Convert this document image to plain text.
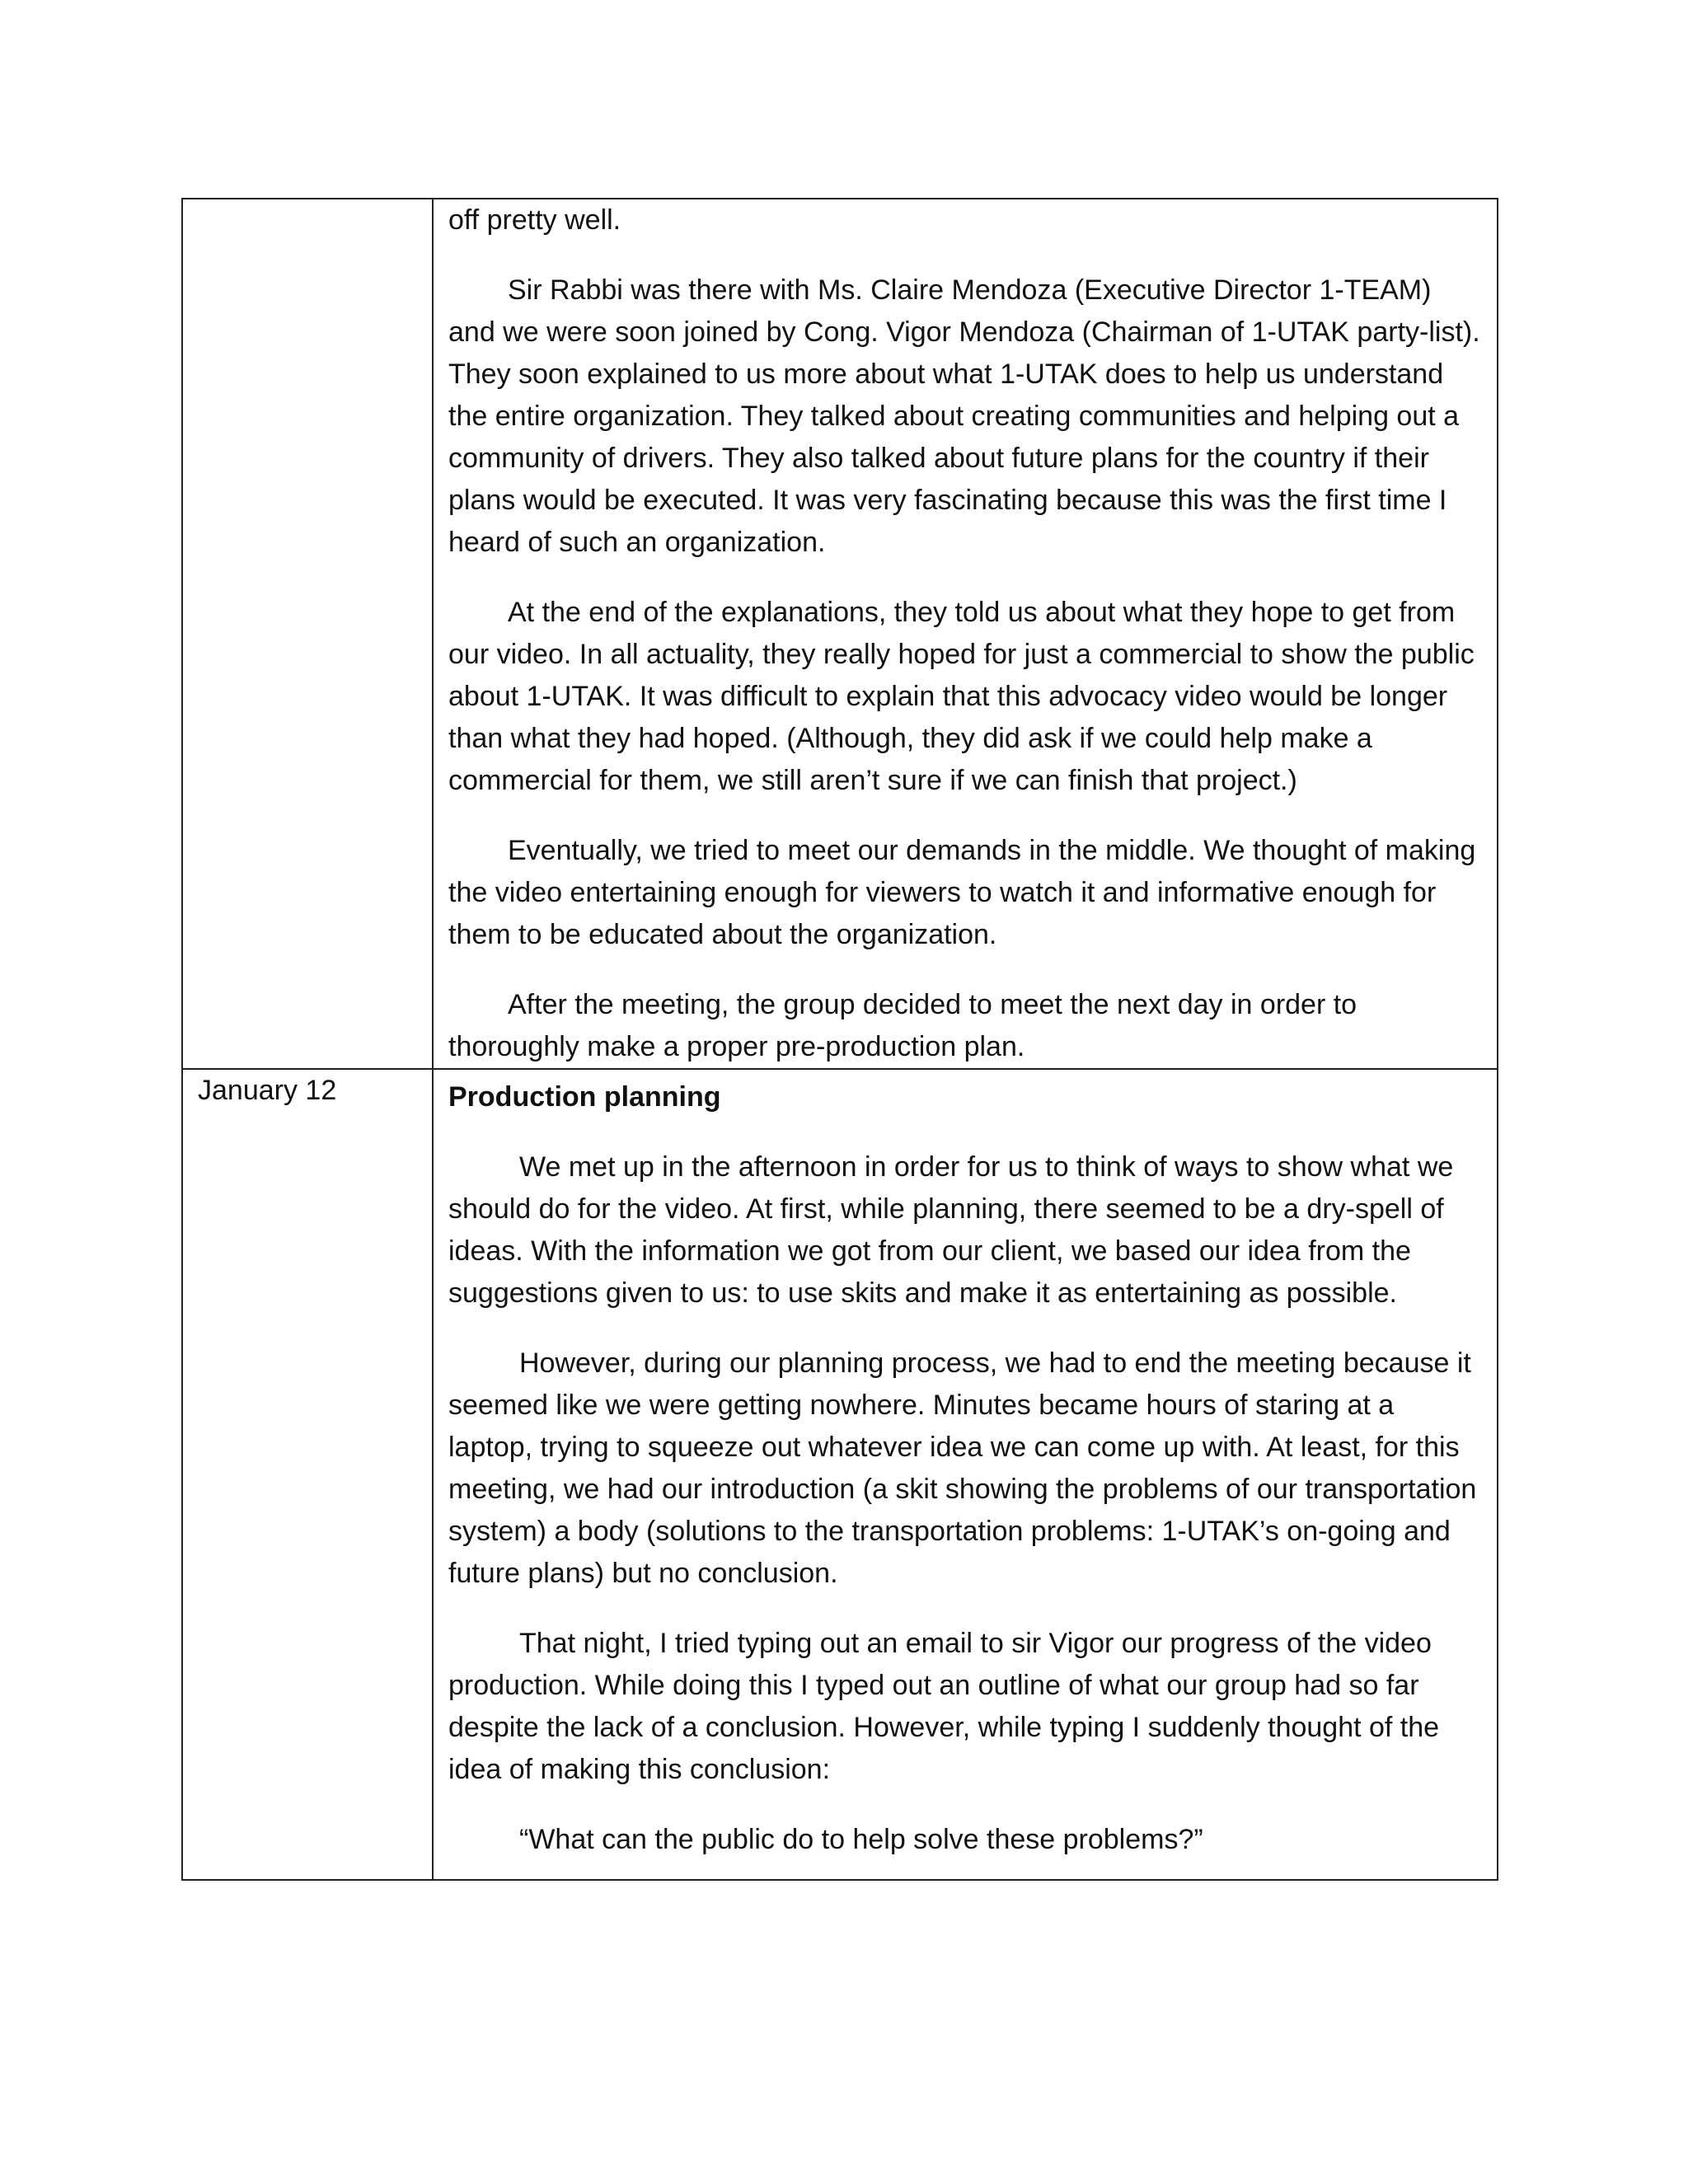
	off pretty well.

Sir Rabbi was there with Ms. Claire Mendoza (Executive Director 1-TEAM) and we were soon joined by Cong. Vigor Mendoza (Chairman of 1-UTAK party-list). They soon explained to us more about what 1-UTAK does to help us understand the entire organization. They talked about creating communities and helping out a community of drivers. They also talked about future plans for the country if their plans would be executed. It was very fascinating because this was the first time I heard of such an organization.

At the end of the explanations, they told us about what they hope to get from our video. In all actuality, they really hoped for just a commercial to show the public about 1-UTAK. It was difficult to explain that this advocacy video would be longer than what they had hoped. (Although, they did ask if we could help make a commercial for them, we still aren’t sure if we can finish that project.)

Eventually, we tried to meet our demands in the middle. We thought of making the video entertaining enough for viewers to watch it and informative enough for them to be educated about the organization.

After the meeting, the group decided to meet the next day in order to thoroughly make a proper pre-production plan.

January 12	Production planning

We met up in the afternoon in order for us to think of ways to show what we should do for the video. At first, while planning, there seemed to be a dry-spell of ideas. With the information we got from our client, we based our idea from the suggestions given to us: to use skits and make it as entertaining as possible.

However, during our planning process, we had to end the meeting because it seemed like we were getting nowhere. Minutes became hours of staring at a laptop, trying to squeeze out whatever idea we can come up with. At least, for this meeting, we had our introduction (a skit showing the problems of our transportation system) a body (solutions to the transportation problems: 1-UTAK’s on-going and future plans) but no conclusion.

That night, I tried typing out an email to sir Vigor our progress of the video production. While doing this I typed out an outline of what our group had so far despite the lack of a conclusion. However, while typing I suddenly thought of the idea of making this conclusion:

“What can the public do to help solve these problems?”
